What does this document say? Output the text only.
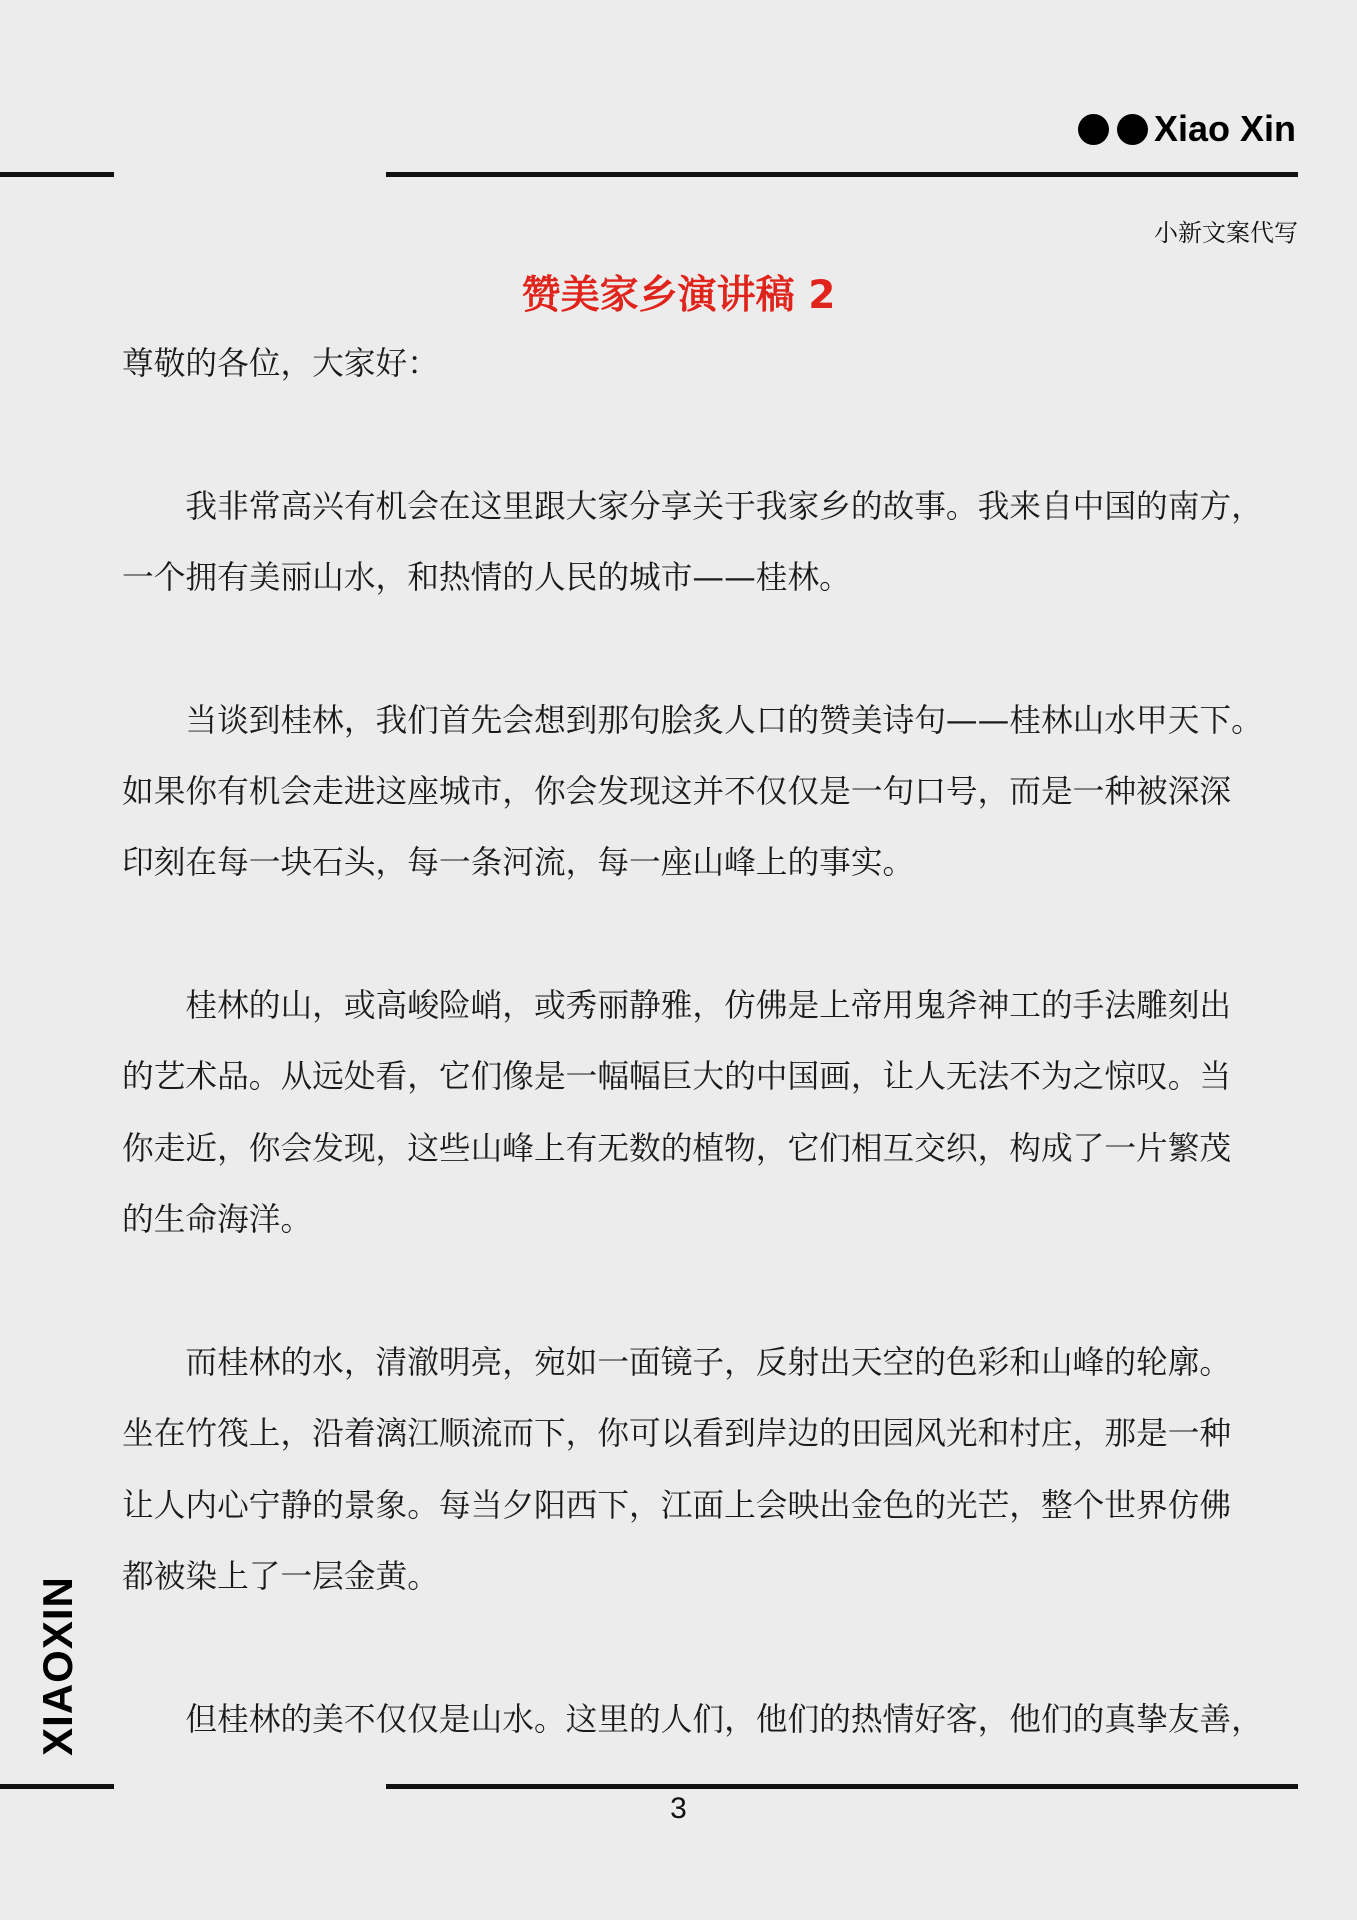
Xiao Xin
小新文案代写
赞美家乡演讲稿 2
尊敬的各位，大家好：
我非常高兴有机会在这里跟大家分享关于我家乡的故事。我来自中国的南方，
一个拥有美丽山水，和热情的人民的城市——桂林。
当谈到桂林，我们首先会想到那句脍炙人口的赞美诗句——桂林山水甲天下。
如果你有机会走进这座城市，你会发现这并不仅仅是一句口号，而是一种被深深
印刻在每一块石头，每一条河流，每一座山峰上的事实。
桂林的山，或高峻险峭，或秀丽静雅，仿佛是上帝用鬼斧神工的手法雕刻出
的艺术品。从远处看，它们像是一幅幅巨大的中国画，让人无法不为之惊叹。当
你走近，你会发现，这些山峰上有无数的植物，它们相互交织，构成了一片繁茂
的生命海洋。
而桂林的水，清澈明亮，宛如一面镜子，反射出天空的色彩和山峰的轮廓。
坐在竹筏上，沿着漓江顺流而下，你可以看到岸边的田园风光和村庄，那是一种
让人内心宁静的景象。每当夕阳西下，江面上会映出金色的光芒，整个世界仿佛
都被染上了一层金黄。
但桂林的美不仅仅是山水。这里的人们，他们的热情好客，他们的真挚友善，
XIAOXIN
3
